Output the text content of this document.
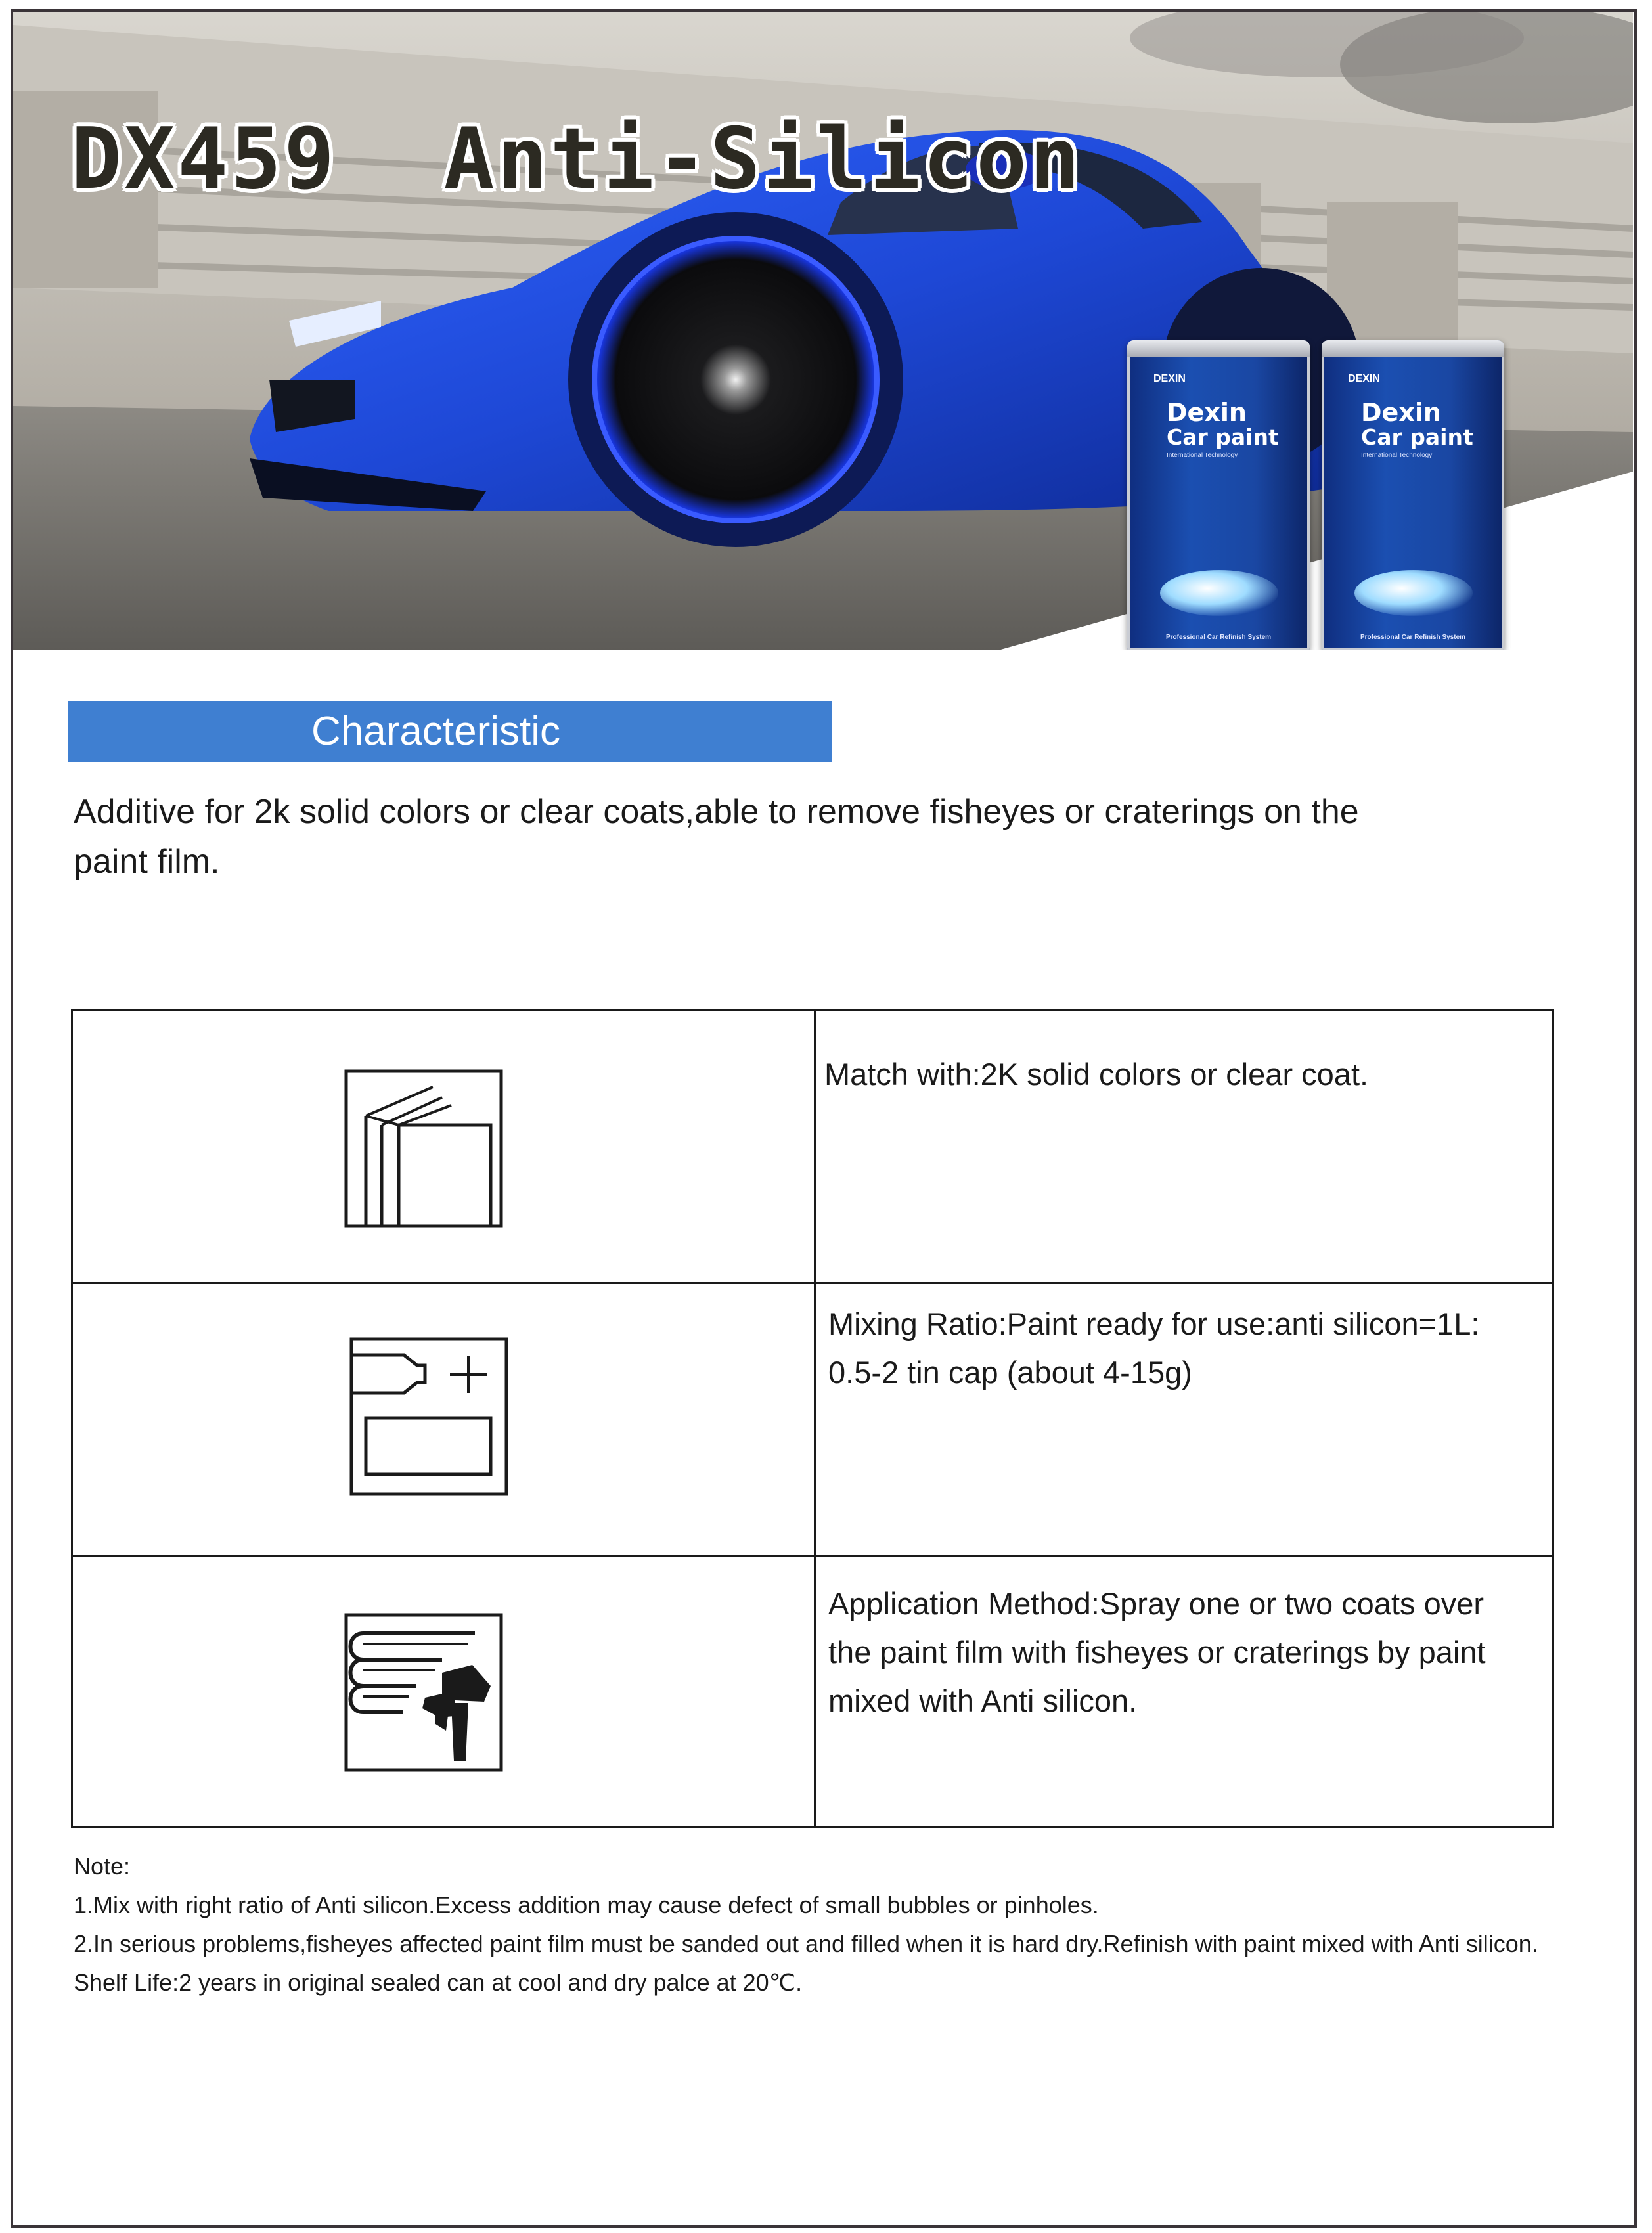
DX459  Anti-Silicon
DEXIN
Dexin
Car paint
International Technology
Professional Car Refinish System
DEXIN
Dexin
Car paint
International Technology
Professional Car Refinish System
Characteristic
Additive for 2k solid colors or clear coats,able to remove fisheyes or craterings on the
paint film.
Match with:2K solid colors or clear coat.
Mixing Ratio:Paint ready for use:anti silicon=1L:
0.5-2 tin cap (about 4-15g)
Application Method:Spray one or two coats over
the paint film with fisheyes or craterings by paint
mixed with Anti silicon.
Note:
1.Mix with right ratio of Anti silicon.Excess addition may cause defect of small bubbles or pinholes.
2.In serious problems,fisheyes affected paint film must be sanded out and filled when it is hard dry.Refinish with paint mixed with Anti silicon.
Shelf Life:2 years in original sealed can at cool and dry palce at 20℃.
